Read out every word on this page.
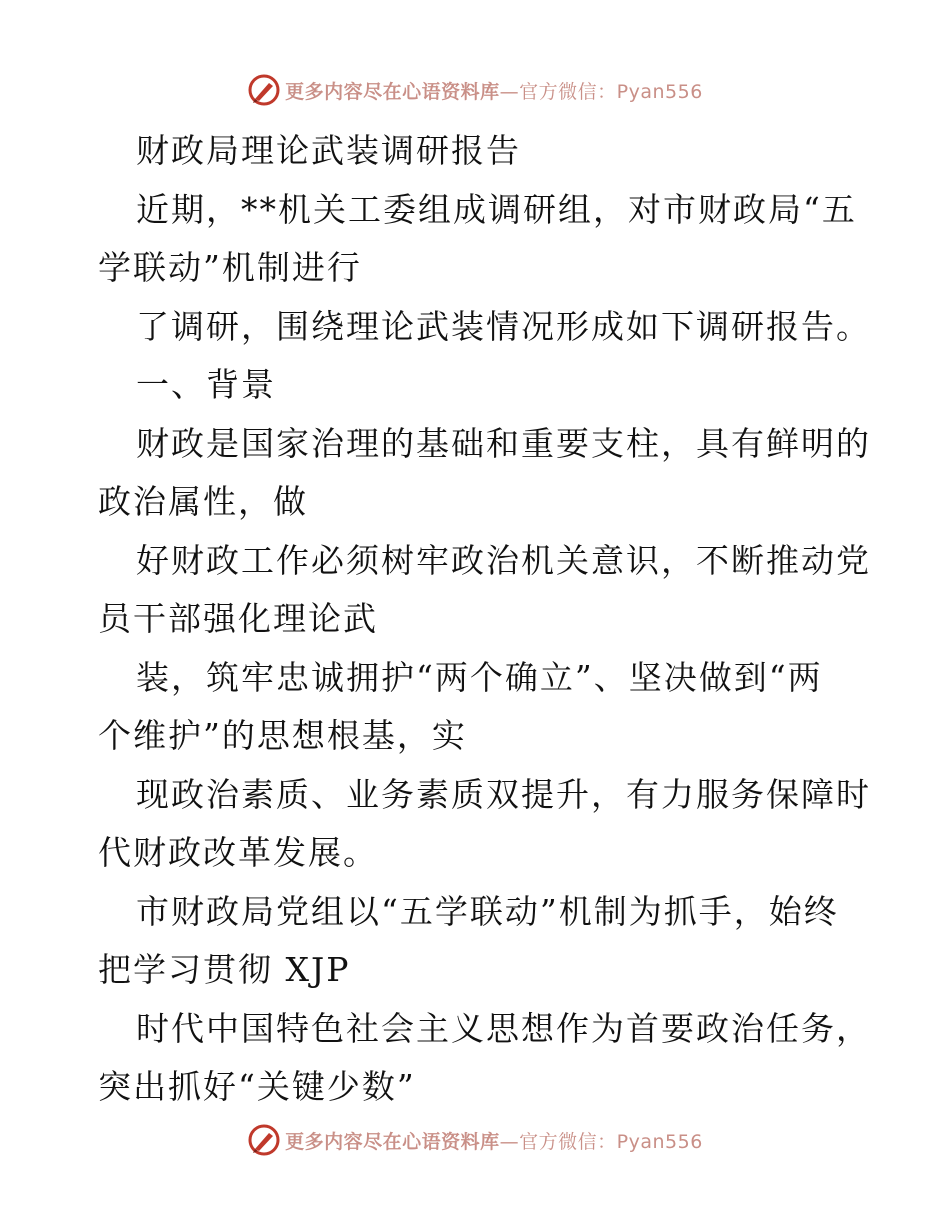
更多内容尽在心语资料库—官方微信：Pyan556
财政局理论武装调研报告
近期，**机关工委组成调研组，对市财政局“五
学联动”机制进行
了调研，围绕理论武装情况形成如下调研报告。
一、背景
财政是国家治理的基础和重要支柱，具有鲜明的
政治属性，做
好财政工作必须树牢政治机关意识，不断推动党
员干部强化理论武
装，筑牢忠诚拥护“两个确立”、坚决做到“两
个维护”的思想根基，实
现政治素质、业务素质双提升，有力服务保障时
代财政改革发展。
市财政局党组以“五学联动”机制为抓手，始终
把学习贯彻 XJP
时代中国特色社会主义思想作为首要政治任务，
突出抓好“关键少数”
更多内容尽在心语资料库—官方微信：Pyan556
